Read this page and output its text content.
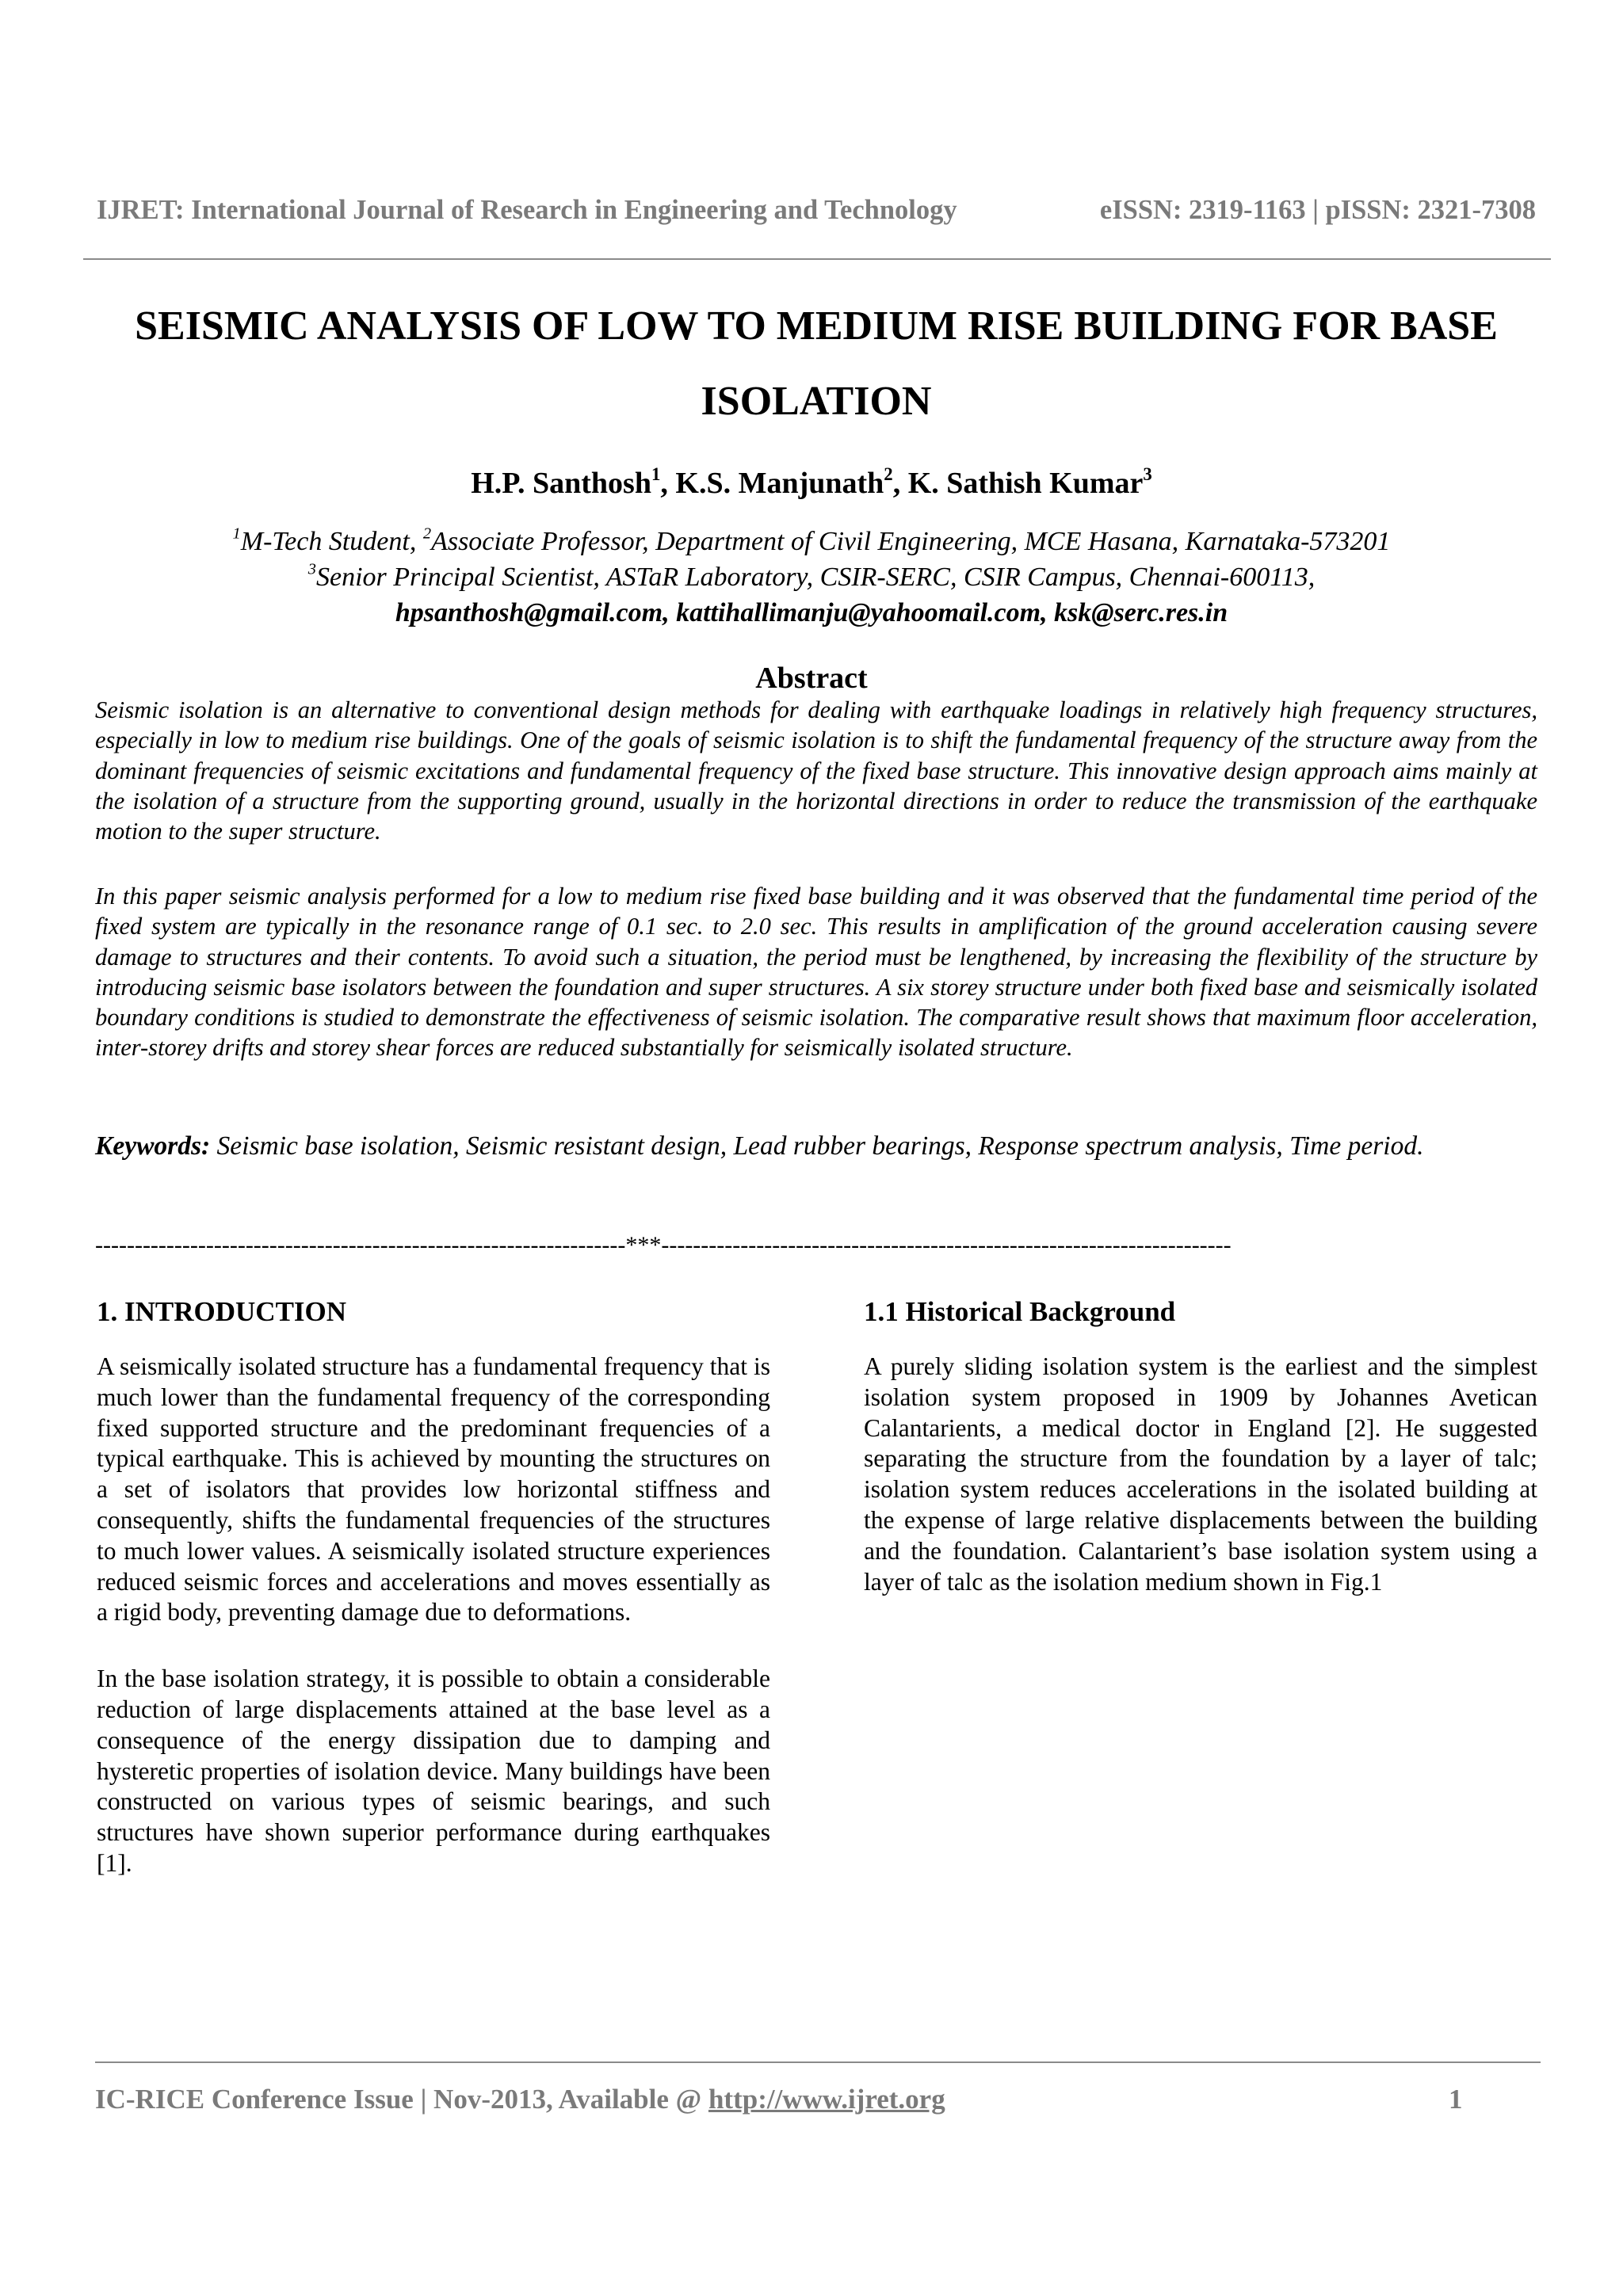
IJRET: International Journal of Research in Engineering and Technology	eISSN: 2319-1163 | pISSN: 2321-7308
SEISMIC ANALYSIS OF LOW TO MEDIUM RISE BUILDING FOR BASE ISOLATION
H.P. Santhosh$^1$, K.S. Manjunath$^2$, K. Sathish Kumar$^3$
$^1$M-Tech Student, $^2$Associate Professor, Department of Civil Engineering, MCE Hasana, Karnataka-573201
$^3$Senior Principal Scientist, ASTaR Laboratory, CSIR-SERC, CSIR Campus, Chennai-600113,
hpsanthosh@gmail.com, kattihallimanju@yahoomail.com, ksk@serc.res.in
Abstract

Seismic isolation is an alternative to conventional design methods for dealing with earthquake loadings in relatively high frequency structures, especially in low to medium rise buildings. One of the goals of seismic isolation is to shift the fundamental frequency of the structure away from the dominant frequencies of seismic excitations and fundamental frequency of the fixed base structure. This innovative design approach aims mainly at the isolation of a structure from the supporting ground, usually in the horizontal directions in order to reduce the transmission of the earthquake motion to the super structure.

In this paper seismic analysis performed for a low to medium rise fixed base building and it was observed that the fundamental time period of the fixed system are typically in the resonance range of 0.1 sec. to 2.0 sec. This results in amplification of the ground acceleration causing severe damage to structures and their contents. To avoid such a situation, the period must be lengthened, by increasing the flexibility of the structure by introducing seismic base isolators between the foundation and super structures. A six storey structure under both fixed base and seismically isolated boundary conditions is studied to demonstrate the effectiveness of seismic isolation. The comparative result shows that maximum floor acceleration, inter-storey drifts and storey shear forces are reduced substantially for seismically isolated structure.

Keywords: Seismic base isolation, Seismic resistant design, Lead rubber bearings, Response spectrum analysis, Time period.

-------------------------------------------------------------------***------------------------------------------------------------------------
1. INTRODUCTION

A seismically isolated structure has a fundamental frequency that is much lower than the fundamental frequency of the corresponding fixed supported structure and the predominant frequencies of a typical earthquake. This is achieved by mounting the structures on a set of isolators that provides low horizontal stiffness and consequently, shifts the fundamental frequencies of the structures to much lower values. A seismically isolated structure experiences reduced seismic forces and accelerations and moves essentially as a rigid body, preventing damage due to deformations.

In the base isolation strategy, it is possible to obtain a considerable reduction of large displacements attained at the base level as a consequence of the energy dissipation due to damping and hysteretic properties of isolation device. Many buildings have been constructed on various types of seismic bearings, and such structures have shown superior performance during earthquakes [1].

1.1 Historical Background

A purely sliding isolation system is the earliest and the simplest isolation system proposed in 1909 by Johannes Avetican Calantarients, a medical doctor in England [2]. He suggested separating the structure from the foundation by a layer of talc; isolation system reduces accelerations in the isolated building at the expense of large relative displacements between the building and the foundation. Calantarient’s base isolation system using a layer of talc as the isolation medium shown in Fig.1

IC-RICE Conference Issue | Nov-2013, Available @ http://www.ijret.org	1
